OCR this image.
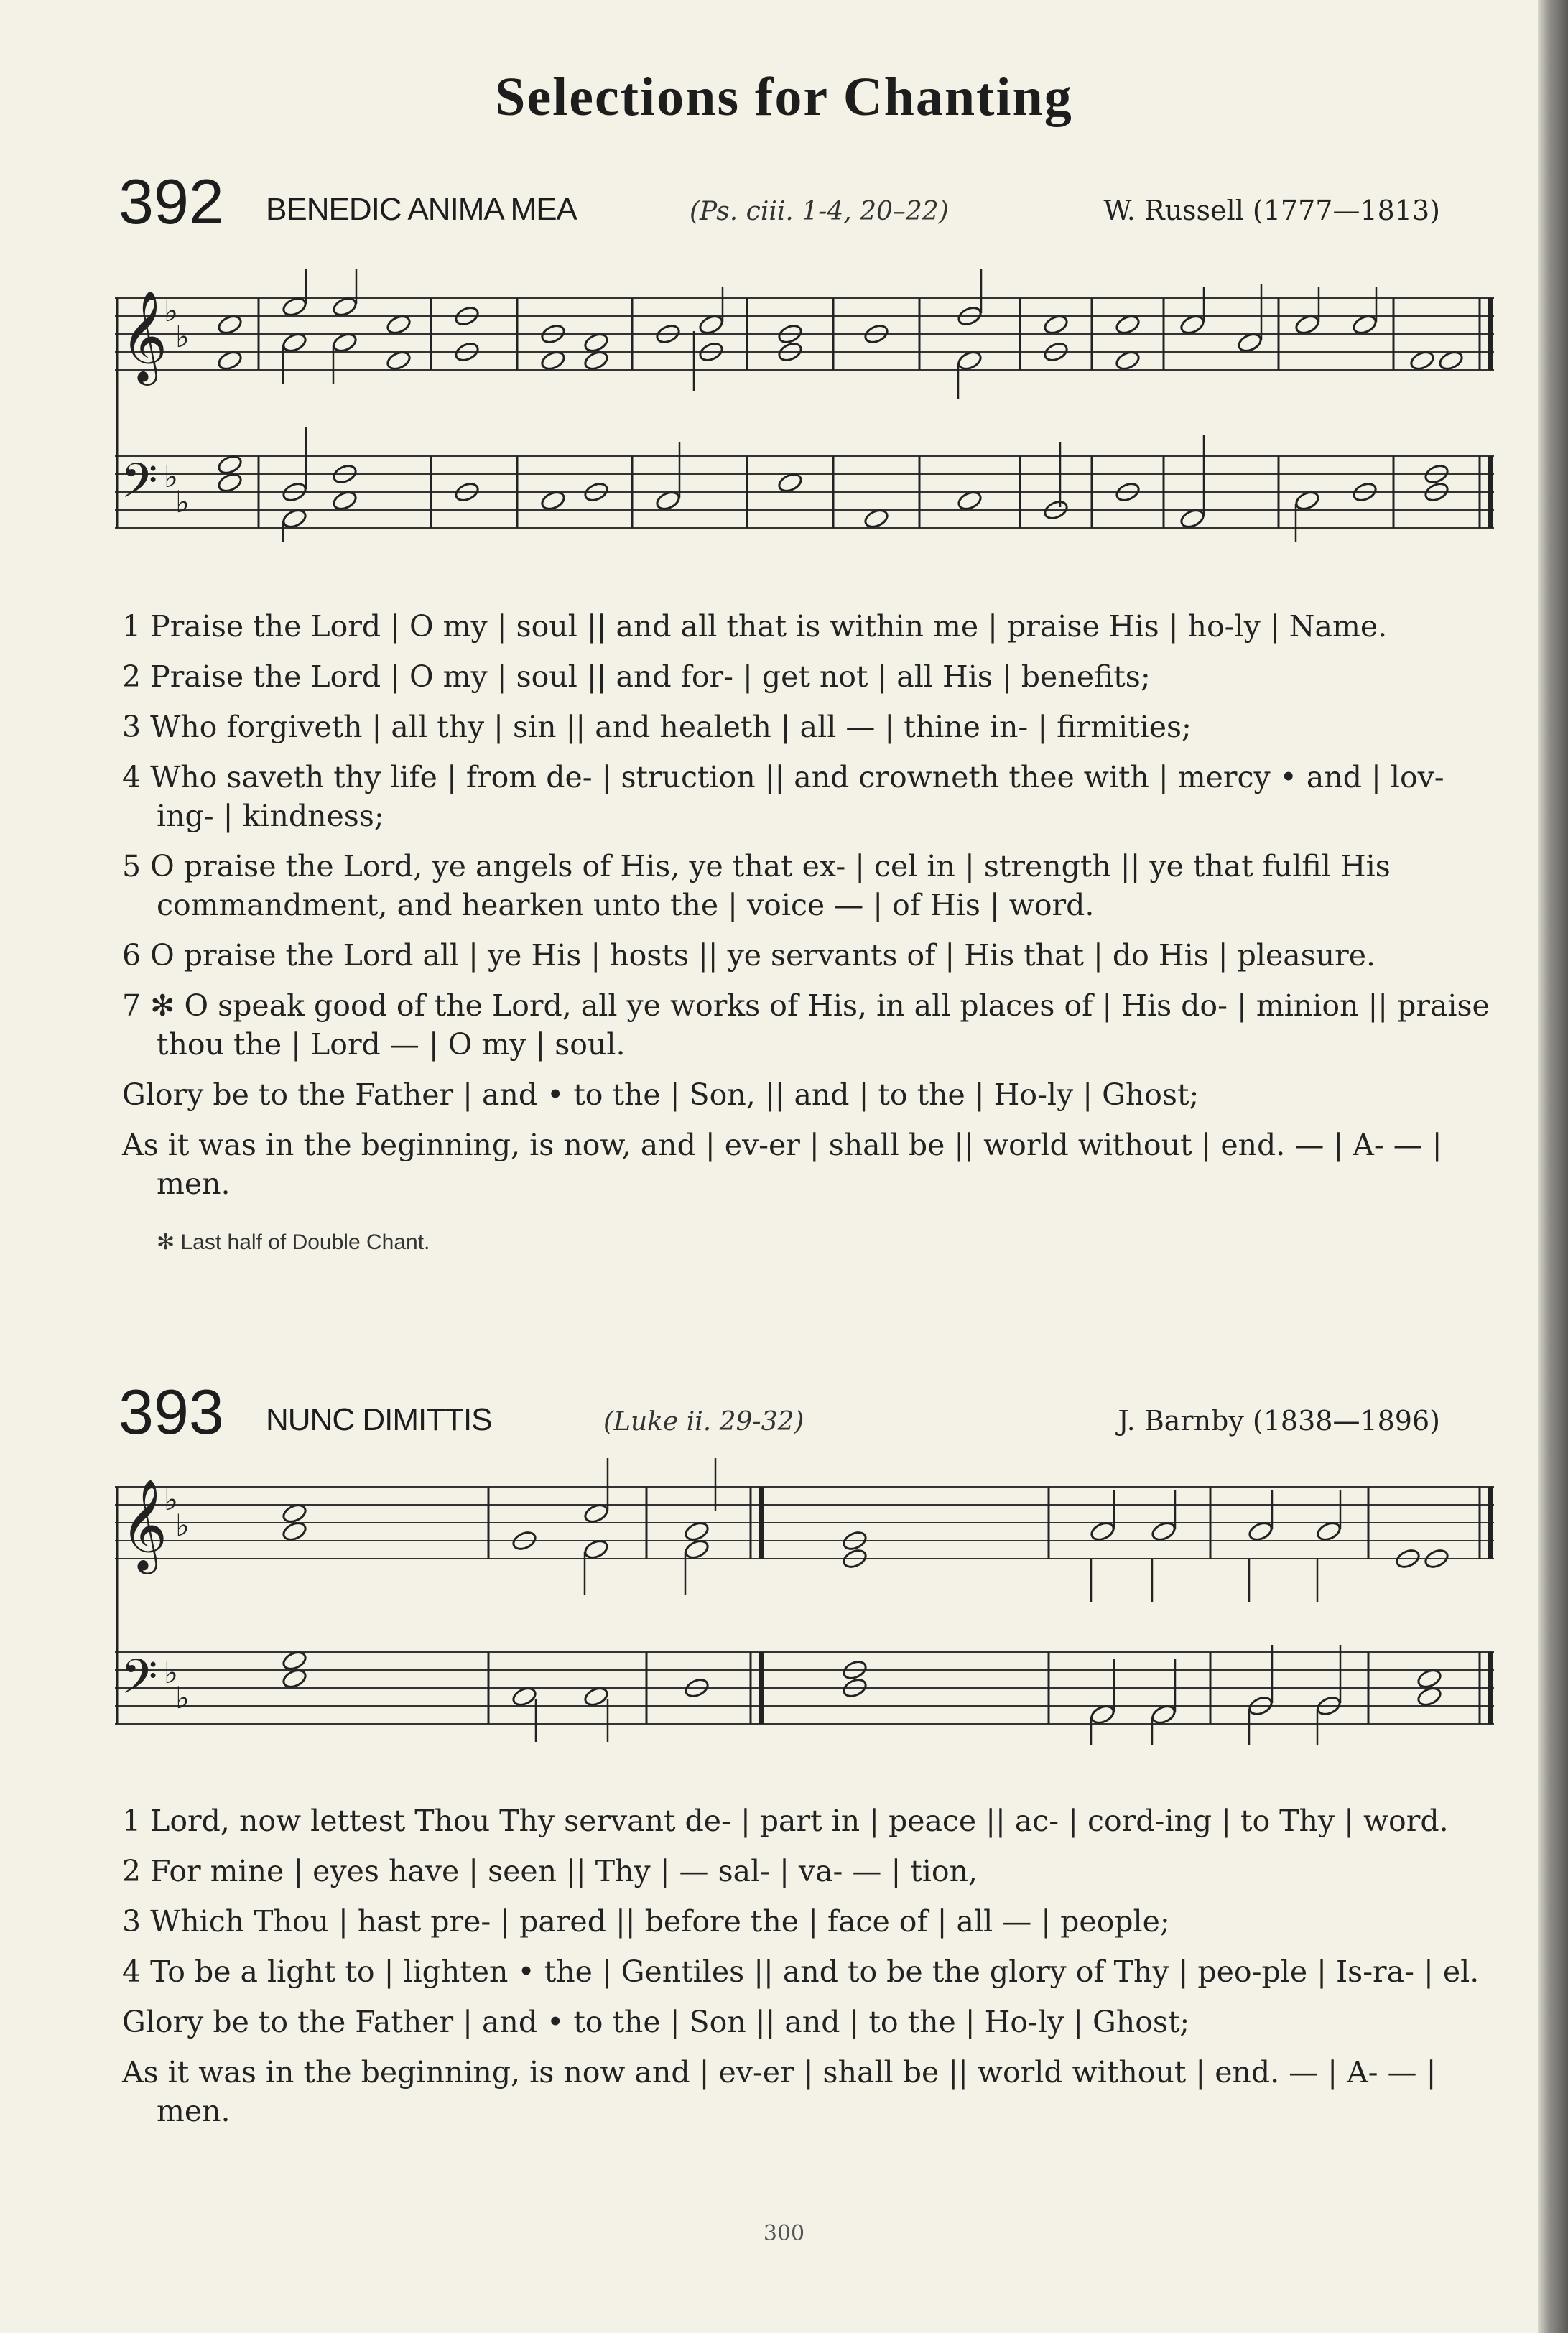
Selections for Chanting
392 BENEDIC ANIMA MEA	(Ps. ciii. 1-4, 20–22)	W. Russell (1777—1813)
𝄞
𝄢
♭
♭
♭
♭

1 Praise the Lord | O my | soul || and all that is within me | praise His | ho-ly | Name.

2 Praise the Lord | O my | soul || and for- | get not | all His | benefits;

3 Who forgiveth | all thy | sin || and healeth | all — | thine in- | firmities;

4 Who saveth thy life | from de- | struction || and crowneth thee with | mercy • and | lov-ing- | kindness;

5 O praise the Lord, ye angels of His, ye that ex- | cel in | strength || ye that fulfil His commandment, and hearken unto the | voice — | of His | word.

6 O praise the Lord all | ye His | hosts || ye servants of | His that | do His | pleasure.

7 ✻ O speak good of the Lord, all ye works of His, in all places of | His do- | minion || praise thou the | Lord — | O my | soul.

Glory be to the Father | and • to the | Son, || and | to the | Ho-ly | Ghost;

As it was in the beginning, is now, and | ev-er | shall be || world without | end. — | A- — | men.

✻ Last half of Double Chant.
393 NUNC DIMITTIS	(Luke ii. 29-32)	J. Barnby (1838—1896)
𝄞
𝄢
♭
♭
♭
♭

1 Lord, now lettest Thou Thy servant de- | part in | peace || ac- | cord-ing | to Thy | word.

2 For mine | eyes have | seen || Thy | — sal- | va- — | tion,

3 Which Thou | hast pre- | pared || before the | face of | all — | people;

4 To be a light to | lighten • the | Gentiles || and to be the glory of Thy | peo-ple | Is-ra- | el.

Glory be to the Father | and • to the | Son || and | to the | Ho-ly | Ghost;

As it was in the beginning, is now and | ev-er | shall be || world without | end. — | A- — | men.

300
